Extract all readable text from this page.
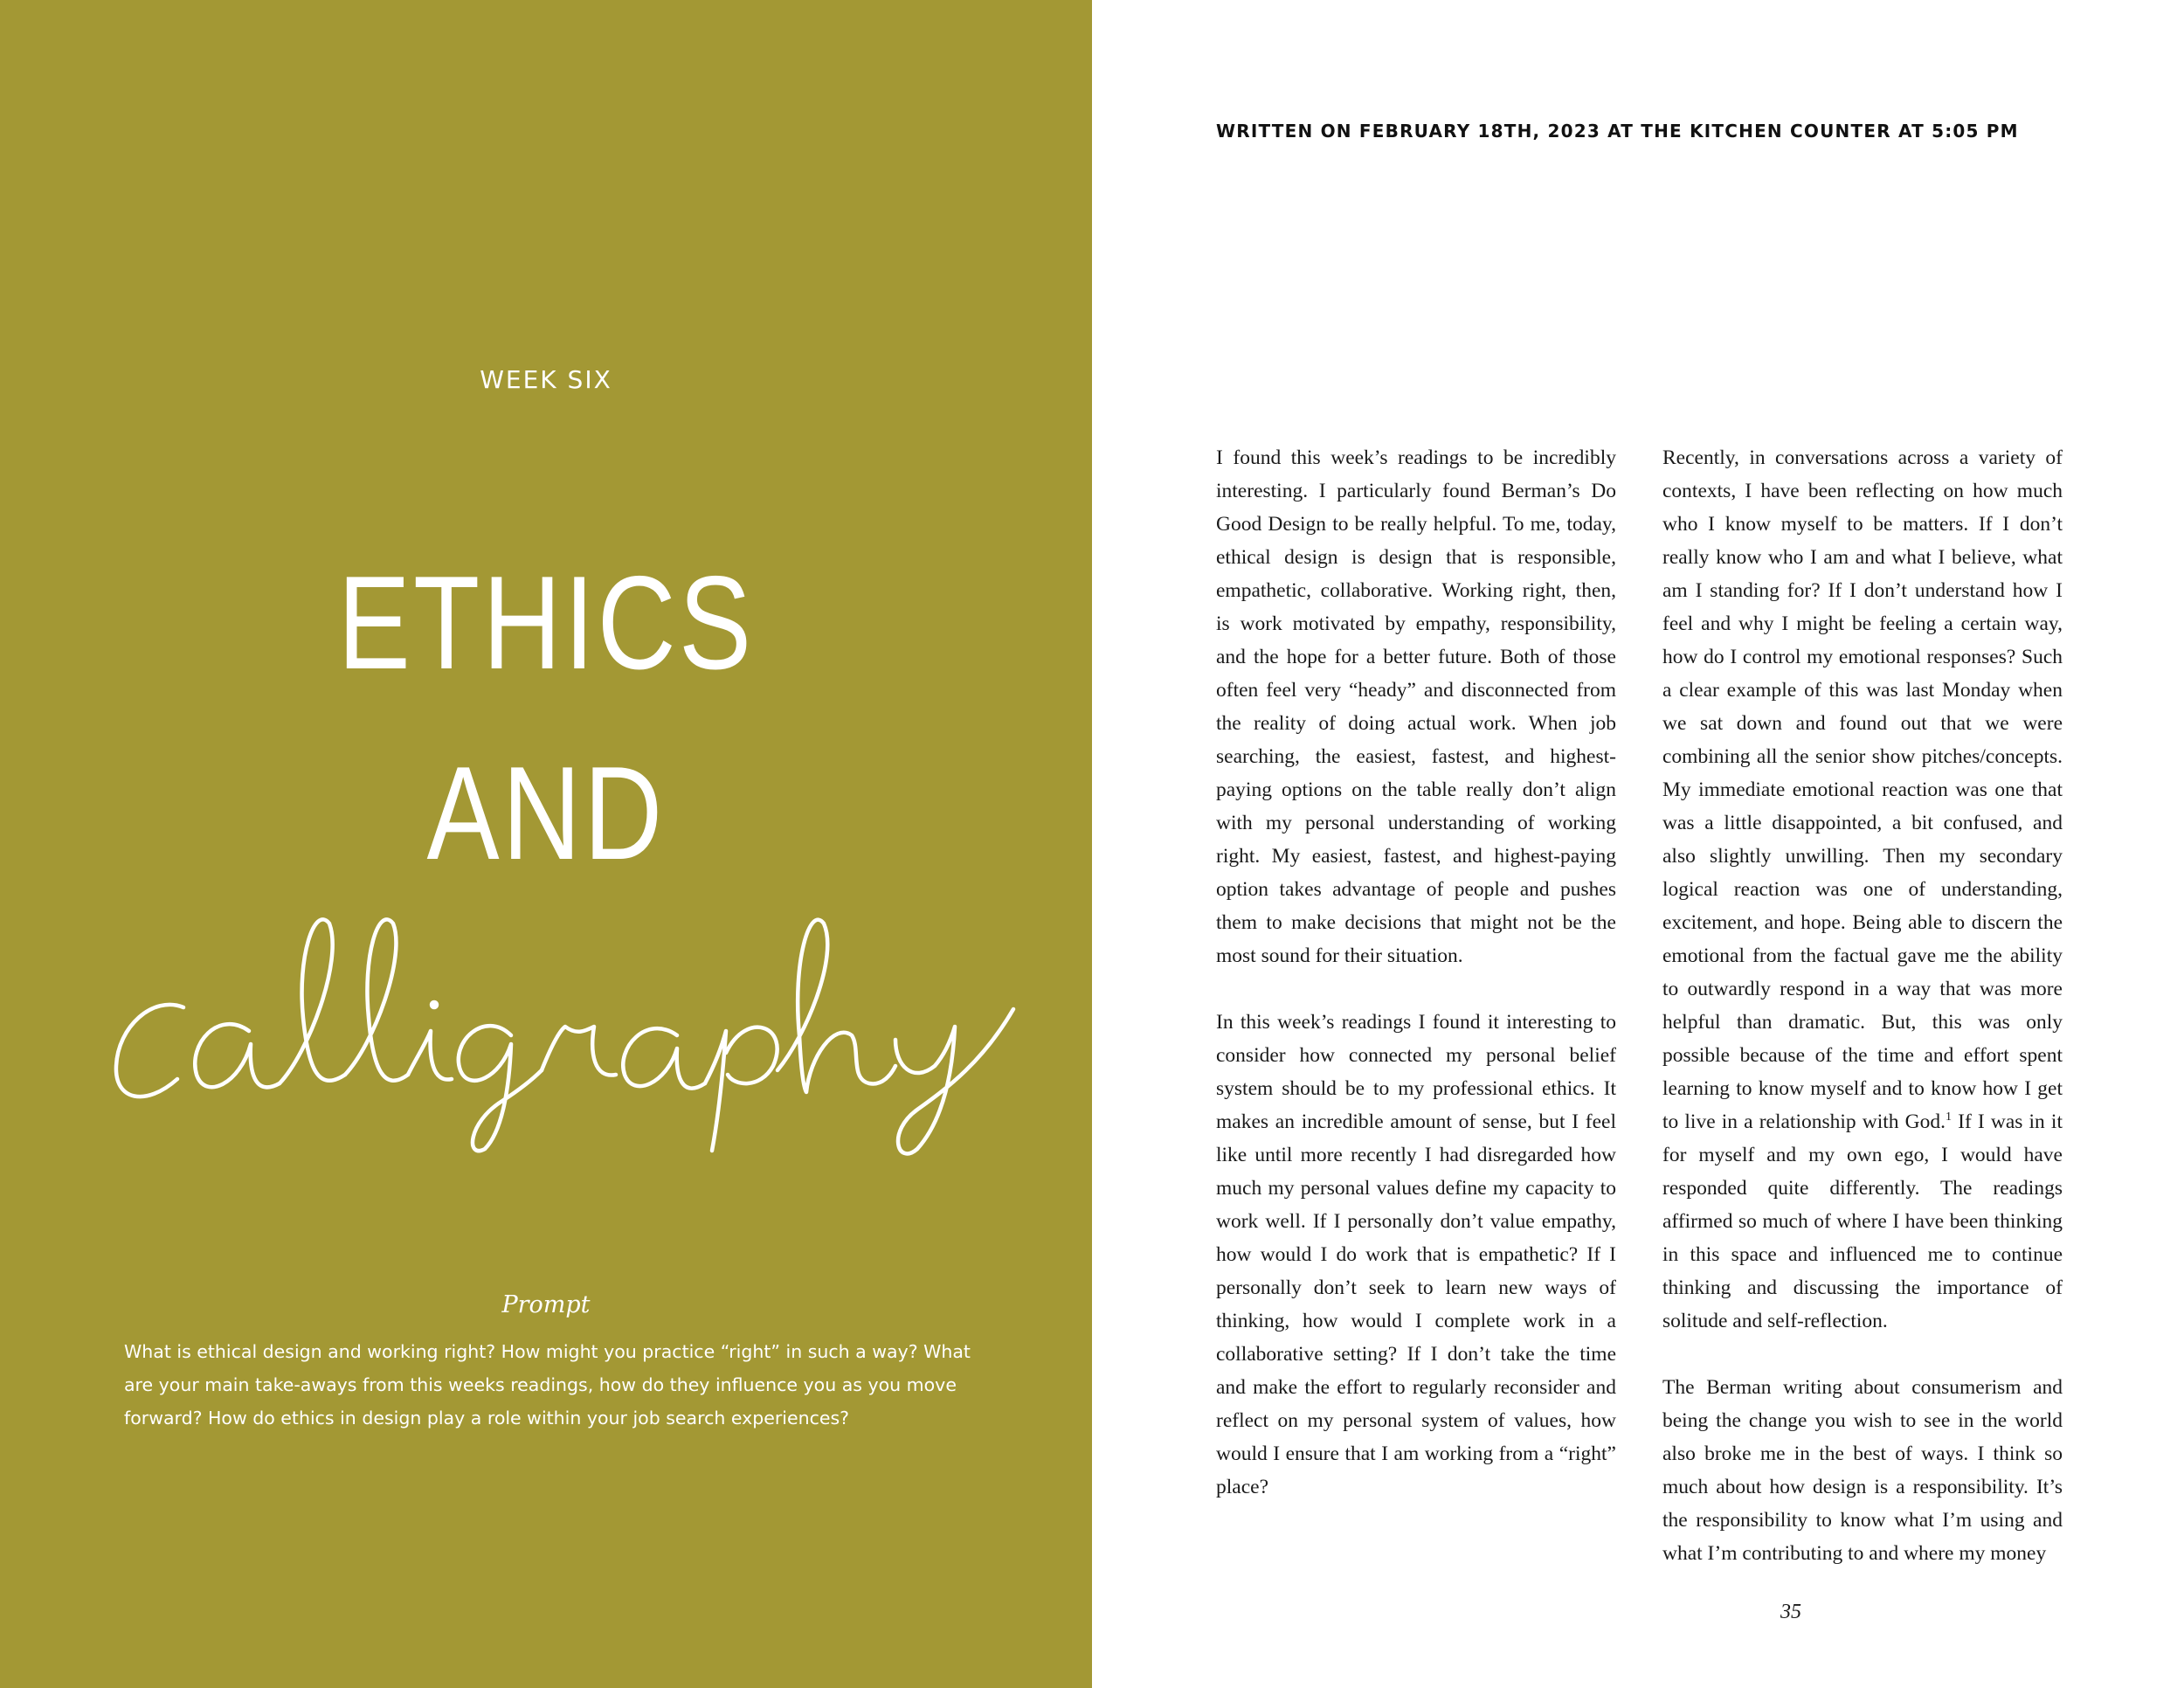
WEEK SIX
ETHICS
AND
Prompt
What is ethical design and working right? How might you practice “right” in such a way? What are your main take-aways from this weeks readings, how do they influence you as you move forward? How do ethics in design play a role within your job search experiences?
WRITTEN ON FEBRUARY 18TH, 2023 AT THE KITCHEN COUNTER AT 5:05 PM

I found this week’s readings to be incredibly interesting. I particularly found Berman’s Do Good Design to be really helpful. To me, today, ethical design is design that is responsible, empathetic, collaborative. Working right, then, is work motivated by empathy, responsibility, and the hope for a better future. Both of those often feel very “heady” and disconnected from the reality of doing actual work. When job searching, the easiest, fastest, and highest-paying options on the table really don’t align with my personal understanding of working right. My easiest, fastest, and highest-paying option takes advantage of people and pushes them to make decisions that might not be the most sound for their situation.

In this week’s readings I found it interesting to consider how connected my personal belief system should be to my professional ethics. It makes an incredible amount of sense, but I feel like until more recently I had disregarded how much my personal values define my capacity to work well. If I personally don’t value empathy, how would I do work that is empathetic? If I personally don’t seek to learn new ways of thinking, how would I complete work in a collaborative setting? If I don’t take the time and make the effort to regularly reconsider and reflect on my personal system of values, how would I ensure that I am working from a “right” place?

Recently, in conversations across a variety of contexts, I have been reflecting on how much who I know myself to be matters. If I don’t really know who I am and what I believe, what am I standing for? If I don’t understand how I feel and why I might be feeling a certain way, how do I control my emotional responses? Such a clear example of this was last Monday when we sat down and found out that we were combining all the senior show pitches/concepts. My immediate emotional reaction was one that was a little disappointed, a bit confused, and also slightly unwilling. Then my secondary logical reaction was one of understanding, excitement, and hope. Being able to discern the emotional from the factual gave me the ability to outwardly respond in a way that was more helpful than dramatic. But, this was only possible because of the time and effort spent learning to know myself and to know how I get to live in a relationship with God.$^1$ If I was in it for myself and my own ego, I would have responded quite differently. The readings affirmed so much of where I have been thinking in this space and influenced me to continue thinking and discussing the importance of solitude and self-reflection.

The Berman writing about consumerism and being the change you wish to see in the world also broke me in the best of ways. I think so much about how design is a responsibility. It’s the responsibility to know what I’m using and what I’m contributing to and where my money

35
